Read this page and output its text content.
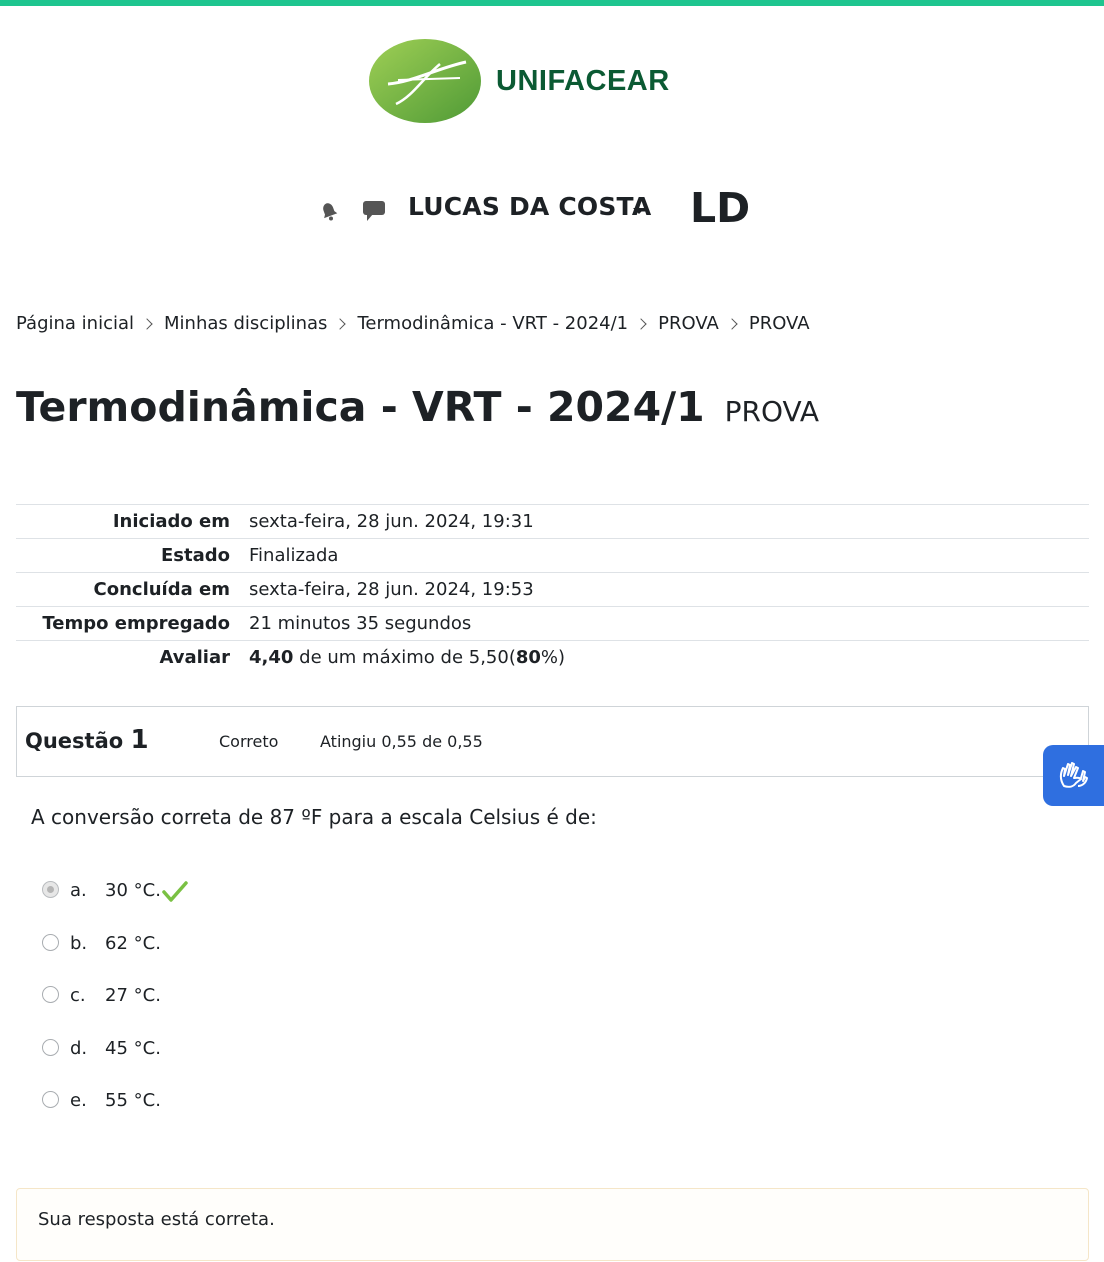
UNIFACEAR
LUCAS DA COSTA LD
Página inicial Minhas disciplinas Termodinâmica - VRT - 2024/1 PROVA PROVA
Termodinâmica - VRT - 2024/1 PROVA
Iniciado em	sexta-feira, 28 jun. 2024, 19:31
Estado	Finalizada
Concluída em	sexta-feira, 28 jun. 2024, 19:53
Tempo empregado	21 minutos 35 segundos
Avaliar	4,40 de um máximo de 5,50(80%)
Questão 1	Correto	Atingiu 0,55 de 0,55
A conversão correta de 87 ºF para a escala Celsius é de:
a. 30 °C.
b. 62 °C.
c. 27 °C.
d. 45 °C.
e. 55 °C.
Sua resposta está correta.
